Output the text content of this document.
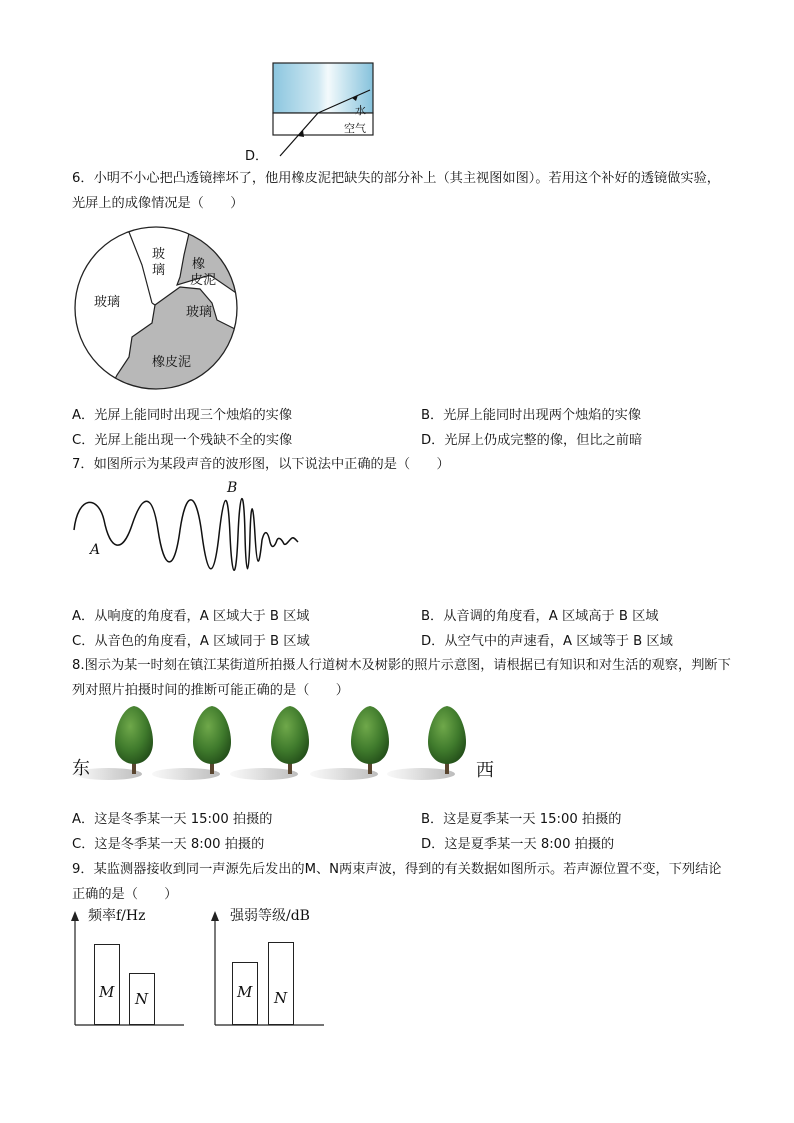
水
空气
D．
6．小明不小心把凸透镜摔坏了，他用橡皮泥把缺失的部分补上（其主视图如图）。若用这个补好的透镜做实验，光屏上的成像情况是（　　）
玻
璃 橡
皮泥
玻璃
玻璃
橡皮泥
A．光屏上能同时出现三个烛焰的实像	B．光屏上能同时出现两个烛焰的实像
C．光屏上能出现一个残缺不全的实像	D．光屏上仍成完整的像，但比之前暗
7．如图所示为某段声音的波形图，以下说法中正确的是（　　）
A
B
A．从响度的角度看，A 区域大于 B 区域	B．从音调的角度看，A 区域高于 B 区域
C．从音色的角度看，A 区域同于 B 区域	D．从空气中的声速看，A 区域等于 B 区域
8.图示为某一时刻在镇江某街道所拍摄人行道树木及树影的照片示意图，请根据已有知识和对生活的观察，判断下列对照片拍摄时间的推断可能正确的是（　　）
东	西
A．这是冬季某一天 15:00 拍摄的	B．这是夏季某一天 15:00 拍摄的
C．这是冬季某一天 8:00 拍摄的	D．这是夏季某一天 8:00 拍摄的
9．某监测器接收到同一声源先后发出的M、N两束声波，得到的有关数据如图所示。若声源位置不变，下列结论正确的是（　　）
频率f/Hz
M N
强弱等级/dB
M N
